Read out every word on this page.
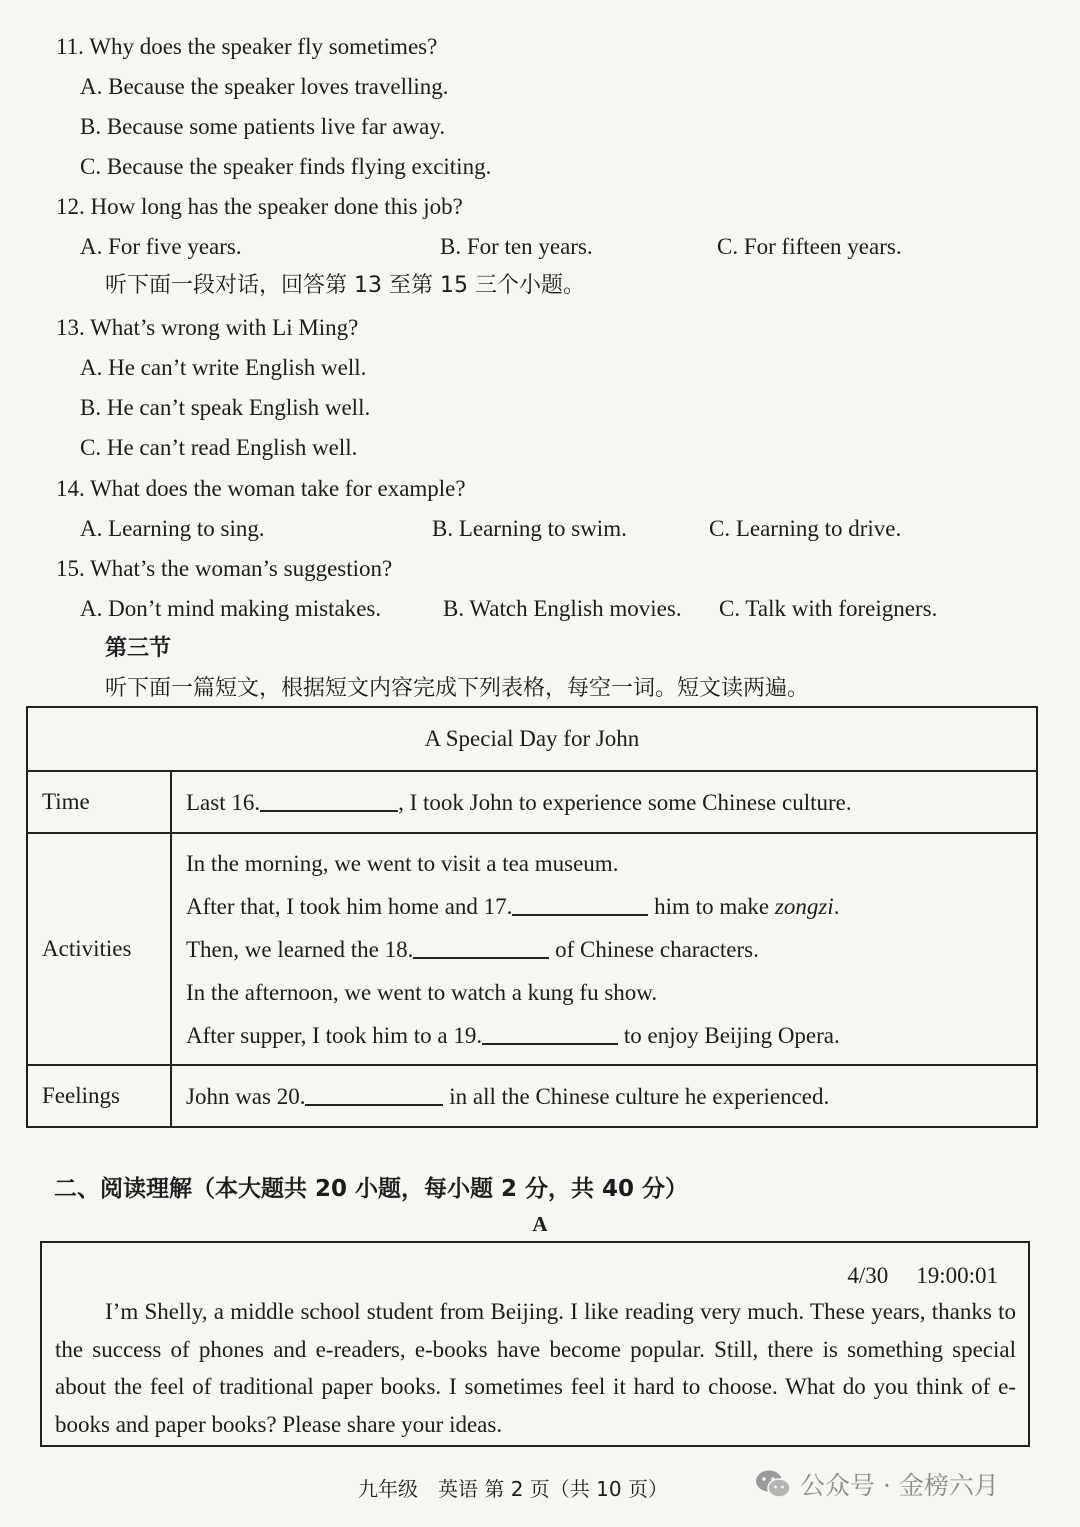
11. Why does the speaker fly sometimes?
A. Because the speaker loves travelling.
B. Because some patients live far away.
C. Because the speaker finds flying exciting.
12. How long has the speaker done this job?
A. For five years.	B. For ten years.	C. For fifteen years.
听下面一段对话，回答第 13 至第 15 三个小题。
13. What’s wrong with Li Ming?
A. He can’t write English well.
B. He can’t speak English well.
C. He can’t read English well.
14. What does the woman take for example?
A. Learning to sing.	B. Learning to swim.	C. Learning to drive.
15. What’s the woman’s suggestion?
A. Don’t mind making mistakes.	B. Watch English movies. C. Talk with foreigners.
第三节
听下面一篇短文，根据短文内容完成下列表格，每空一词。短文读两遍。
A Special Day for John	
Time	Last 16. , I took John to experience some Chinese culture.
Activities	In the morning, we went to visit a tea museum.
After that, I took him home and 17. him to make zongzi.
Then, we learned the 18. of Chinese characters.
In the afternoon, we went to watch a kung fu show.
After supper, I took him to a 19. to enjoy Beijing Opera.

Feelings	John was 20. in all the Chinese culture he experienced.
二、阅读理解（本大题共 20 小题，每小题 2 分，共 40 分）
A
4/30 19:00:01
I’m Shelly, a middle school student from Beijing. I like reading very much. These years, thanks to the success of phones and e-readers, e-books have become popular. Still, there is something special about the feel of traditional paper books. I sometimes feel it hard to choose. What do you think of e-books and paper books? Please share your ideas.
九年级　英语 第 2 页（共 10 页）	公众号 · 金榜六月
